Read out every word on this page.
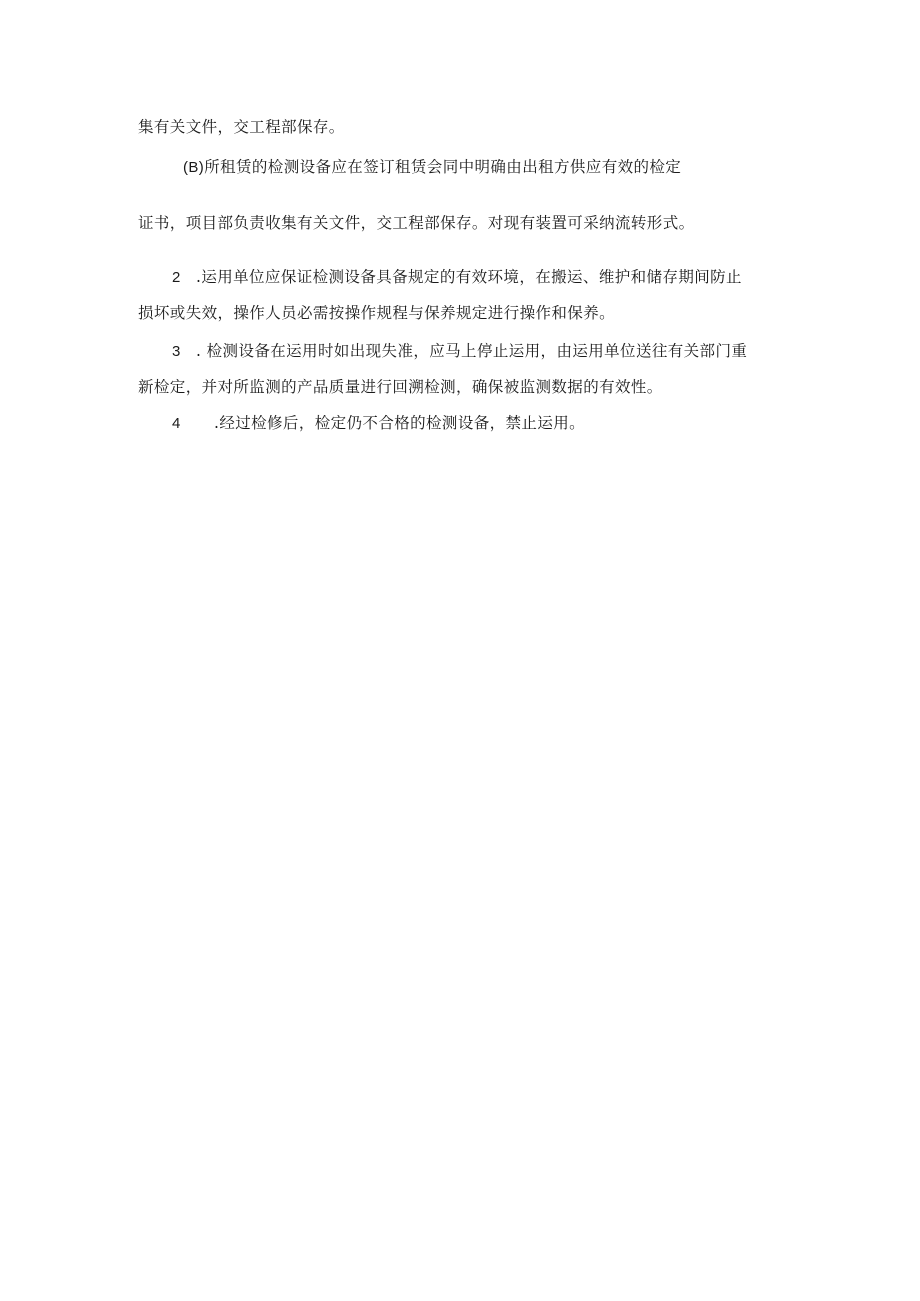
集有关文件，交工程部保存。
(B)所租赁的检测设备应在签订租赁会同中明确由出租方供应有效的检定
证书，项目部负责收集有关文件，交工程部保存。对现有装置可采纳流转形式。
2 .运用单位应保证检测设备具备规定的有效环境，在搬运、维护和储存期间防止
损坏或失效，操作人员必需按操作规程与保养规定进行操作和保养。
3 . 检测设备在运用时如出现失准，应马上停止运用，由运用单位送往有关部门重
新检定，并对所监测的产品质量进行回溯检测，确保被监测数据的有效性。
4 .经过检修后，检定仍不合格的检测设备，禁止运用。
